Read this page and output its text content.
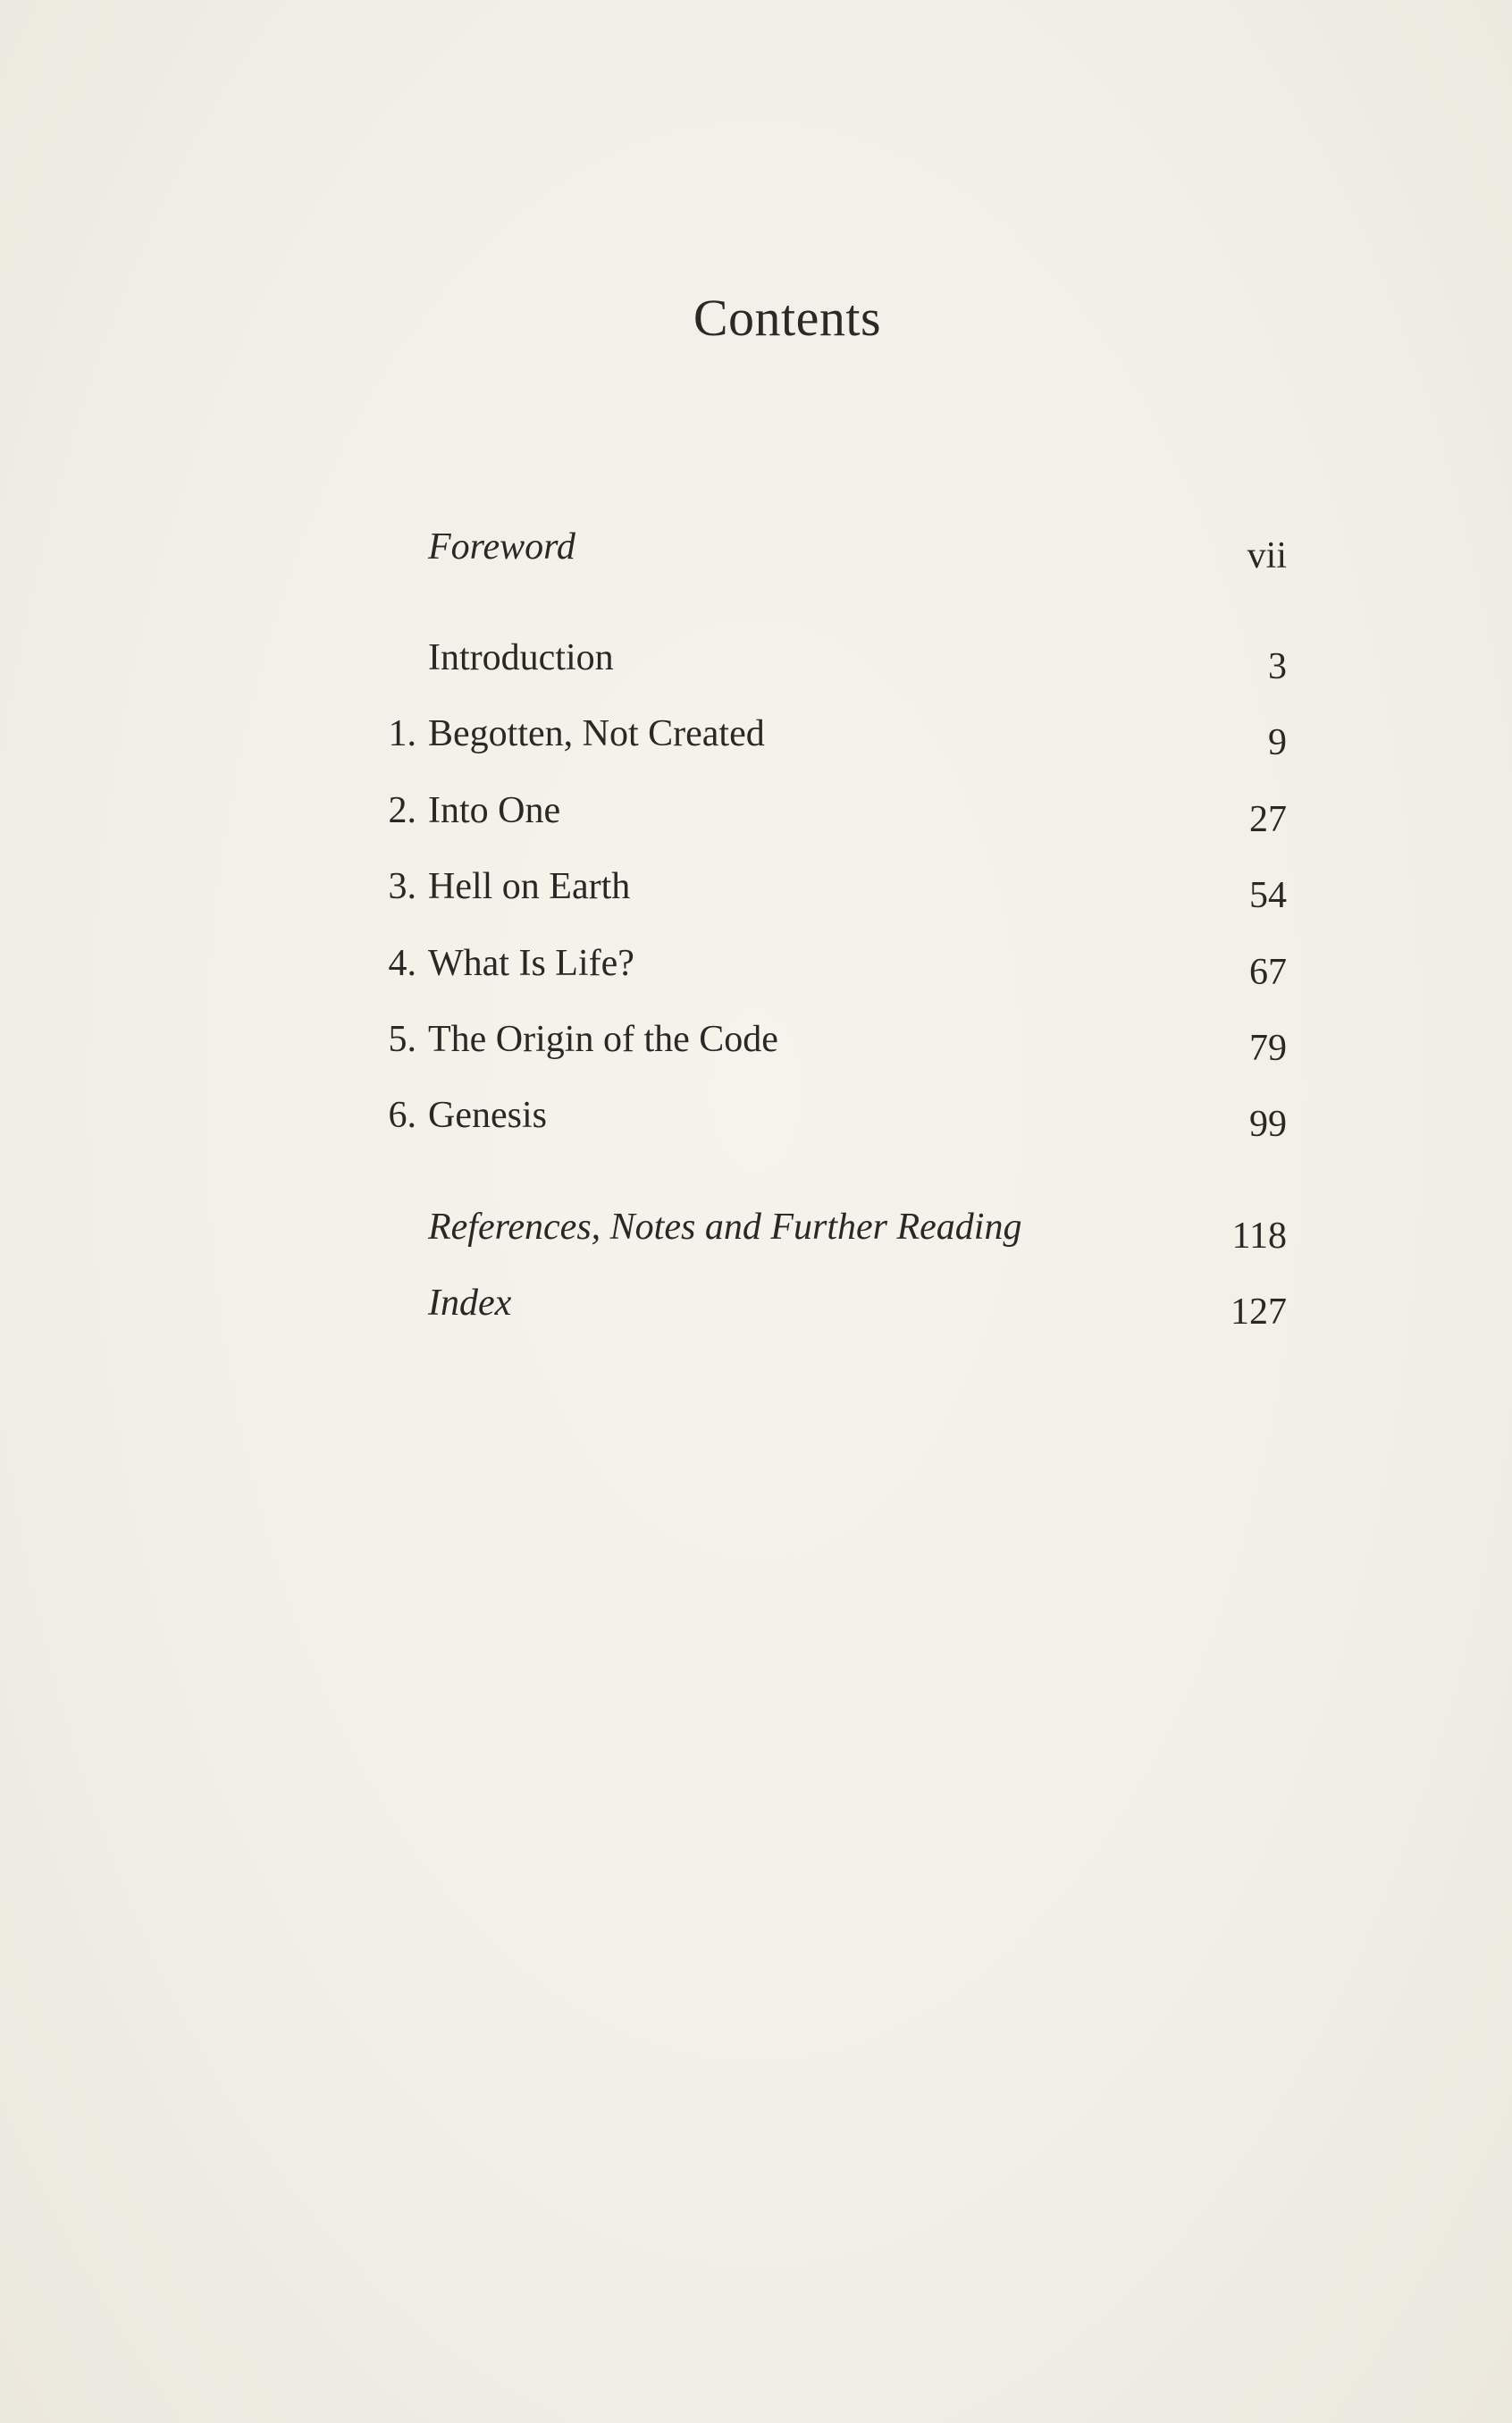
Contents
Foreword	vii
Introduction	3
1. Begotten, Not Created	9
2. Into One	27
3. Hell on Earth	54
4. What Is Life?	67
5. The Origin of the Code	79
6. Genesis	99
References, Notes and Further Reading	118
Index	127
